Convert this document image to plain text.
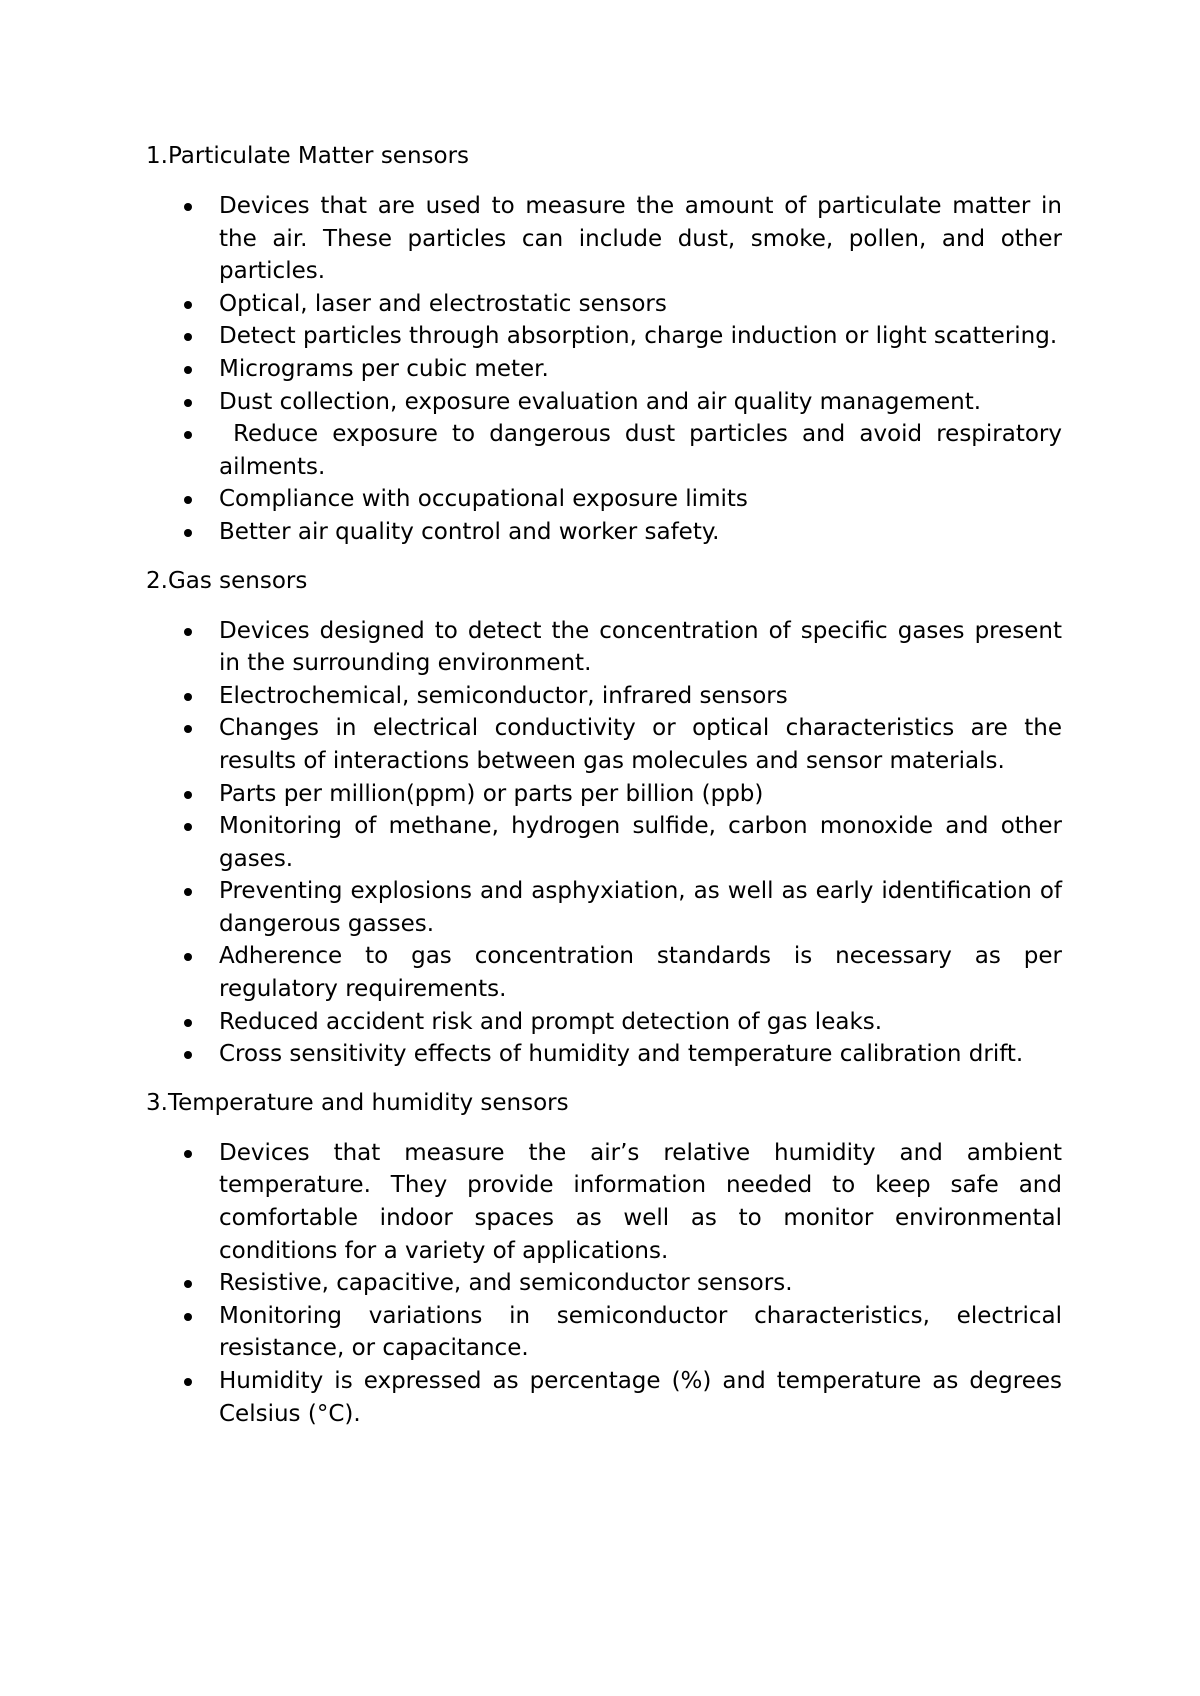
1.Particulate Matter sensors
Devices that are used to measure the amount of particulate matter in the air. These particles can include dust, smoke, pollen, and other particles.
Optical, laser and electrostatic sensors
Detect particles through absorption, charge induction or light scattering.
Micrograms per cubic meter.
Dust collection, exposure evaluation and air quality management.
Reduce exposure to dangerous dust particles and avoid respiratory ailments.
Compliance with occupational exposure limits
Better air quality control and worker safety.
2.Gas sensors
Devices designed to detect the concentration of specific gases present in the surrounding environment.
Electrochemical, semiconductor, infrared sensors
Changes in electrical conductivity or optical characteristics are the results of interactions between gas molecules and sensor materials.
Parts per million(ppm) or parts per billion (ppb)
Monitoring of methane, hydrogen sulfide, carbon monoxide and other gases.
Preventing explosions and asphyxiation, as well as early identification of dangerous gasses.
Adherence to gas concentration standards is necessary as per regulatory requirements.
Reduced accident risk and prompt detection of gas leaks.
Cross sensitivity effects of humidity and temperature calibration drift.
3.Temperature and humidity sensors
Devices that measure the air’s relative humidity and ambient temperature. They provide information needed to keep safe and comfortable indoor spaces as well as to monitor environmental conditions for a variety of applications.
Resistive, capacitive, and semiconductor sensors.
Monitoring variations in semiconductor characteristics, electrical resistance, or capacitance.
Humidity is expressed as percentage (%) and temperature as degrees Celsius (°C).
